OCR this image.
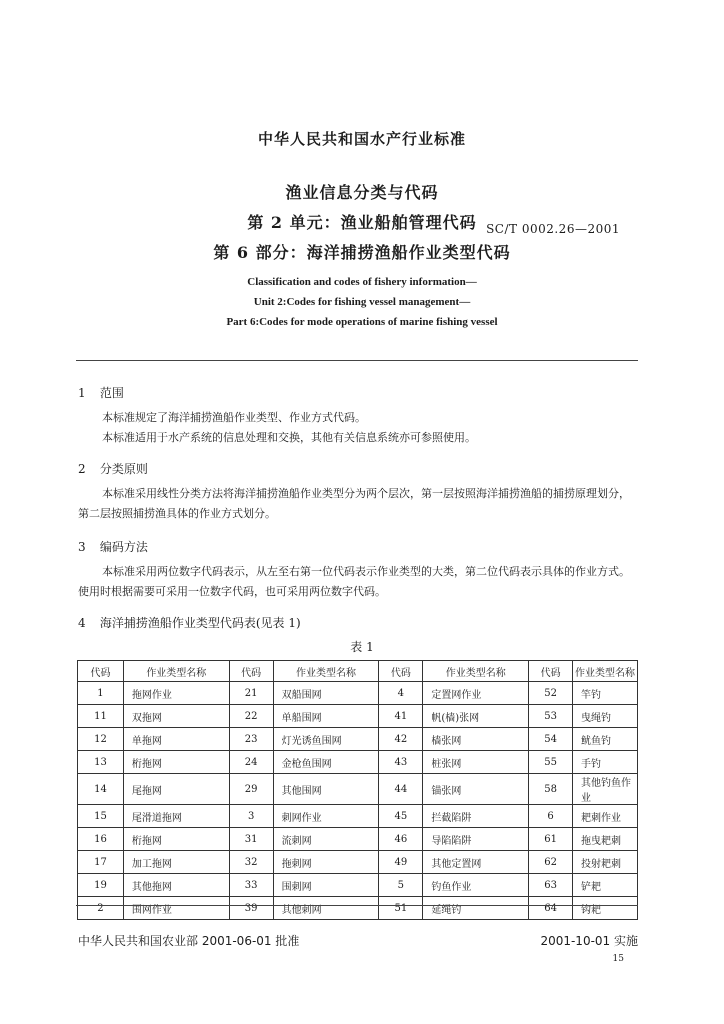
中华人民共和国水产行业标准
渔业信息分类与代码
第 2 单元：渔业船舶管理代码
第 6 部分：海洋捕捞渔船作业类型代码
SC/T 0002.26—2001
Classification and codes of fishery information—
Unit 2:Codes for fishing vessel management—
Part 6:Codes for mode operations of marine fishing vessel
1 范围
本标准规定了海洋捕捞渔船作业类型、作业方式代码。
本标准适用于水产系统的信息处理和交换，其他有关信息系统亦可参照使用。
2 分类原则
本标准采用线性分类方法将海洋捕捞渔船作业类型分为两个层次，第一层按照海洋捕捞渔船的捕捞原理划分，第二层按照捕捞渔具体的作业方式划分。
3 编码方法
本标准采用两位数字代码表示，从左至右第一位代码表示作业类型的大类，第二位代码表示具体的作业方式。使用时根据需要可采用一位数字代码，也可采用两位数字代码。
4 海洋捕捞渔船作业类型代码表(见表 1)
表 1
代码	作业类型名称	代码	作业类型名称	代码	作业类型名称	代码	作业类型名称
1	拖网作业	21	双船围网	4	定置网作业	52	竿钓
11	双拖网	22	单船围网	41	帆(樯)张网	53	曳绳钓
12	单拖网	23	灯光诱鱼围网	42	樯张网	54	鱿鱼钓
13	桁拖网	24	金枪鱼围网	43	桩张网	55	手钓
14	尾拖网	29	其他围网	44	锚张网	58	其他钓鱼作业
15	尾滑道拖网	3	刺网作业	45	拦截陷阱	6	耙刺作业
16	桁拖网	31	流刺网	46	导陷陷阱	61	拖曳耙刺
17	加工拖网	32	拖刺网	49	其他定置网	62	投射耙刺
19	其他拖网	33	围刺网	5	钓鱼作业	63	铲耙
2	围网作业	39	其他刺网	51	延绳钓	64	钩耙
中华人民共和国农业部 2001-06-01 批准	2001-10-01 实施
15
